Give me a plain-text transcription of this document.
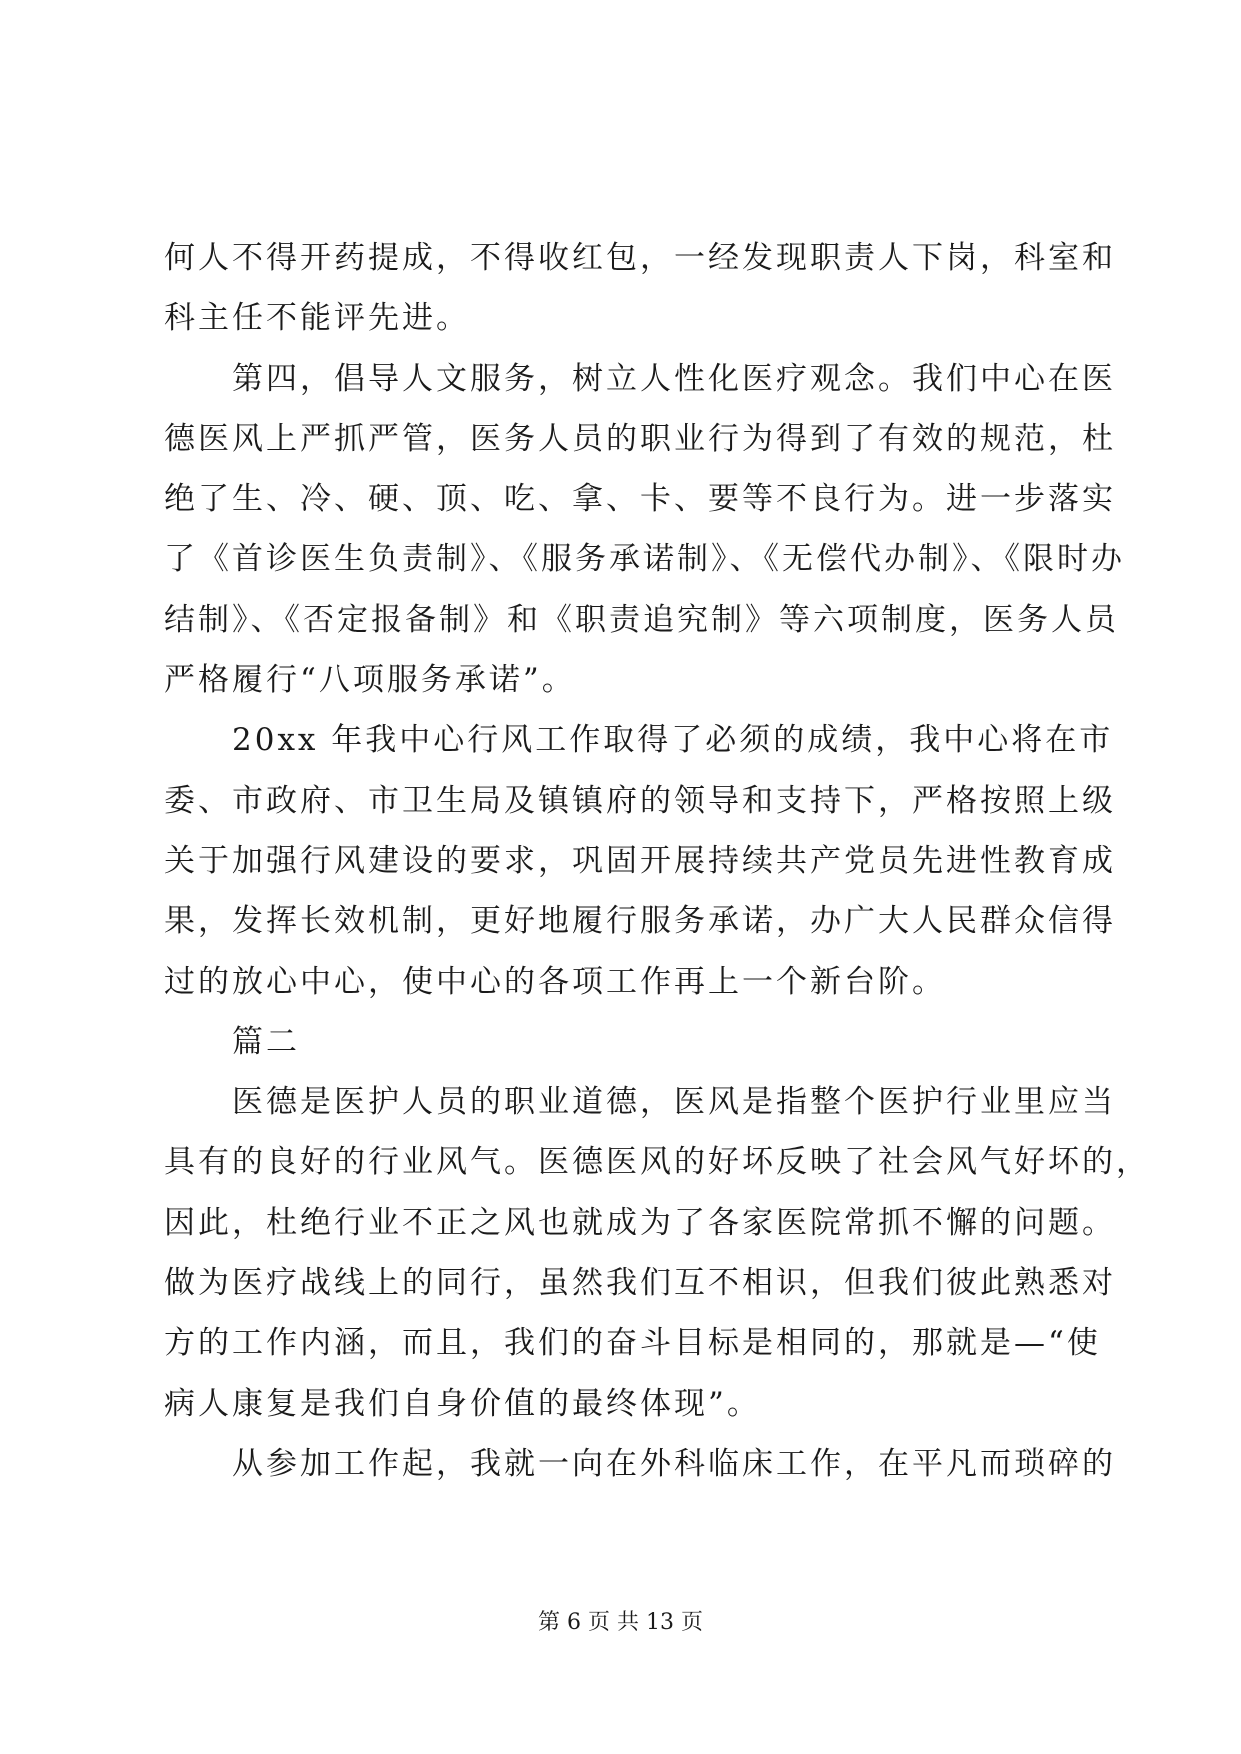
何人不得开药提成，不得收红包，一经发现职责人下岗，科室和
科主任不能评先进。
　　第四，倡导人文服务，树立人性化医疗观念。我们中心在医
德医风上严抓严管，医务人员的职业行为得到了有效的规范，杜
绝了生、冷、硬、顶、吃、拿、卡、要等不良行为。进一步落实
了《首诊医生负责制》、《服务承诺制》、《无偿代办制》、《限时办
结制》、《否定报备制》和《职责追究制》等六项制度，医务人员
严格履行“八项服务承诺”。
　　20xx 年我中心行风工作取得了必须的成绩，我中心将在市
委、市政府、市卫生局及镇镇府的领导和支持下，严格按照上级
关于加强行风建设的要求，巩固开展持续共产党员先进性教育成
果，发挥长效机制，更好地履行服务承诺，办广大人民群众信得
过的放心中心，使中心的各项工作再上一个新台阶。
　　篇二
　　医德是医护人员的职业道德，医风是指整个医护行业里应当
具有的良好的行业风气。医德医风的好坏反映了社会风气好坏的，
因此，杜绝行业不正之风也就成为了各家医院常抓不懈的问题。
做为医疗战线上的同行，虽然我们互不相识，但我们彼此熟悉对
方的工作内涵，而且，我们的奋斗目标是相同的，那就是—“使
病人康复是我们自身价值的最终体现”。
　　从参加工作起，我就一向在外科临床工作，在平凡而琐碎的
第 6 页 共 13 页
